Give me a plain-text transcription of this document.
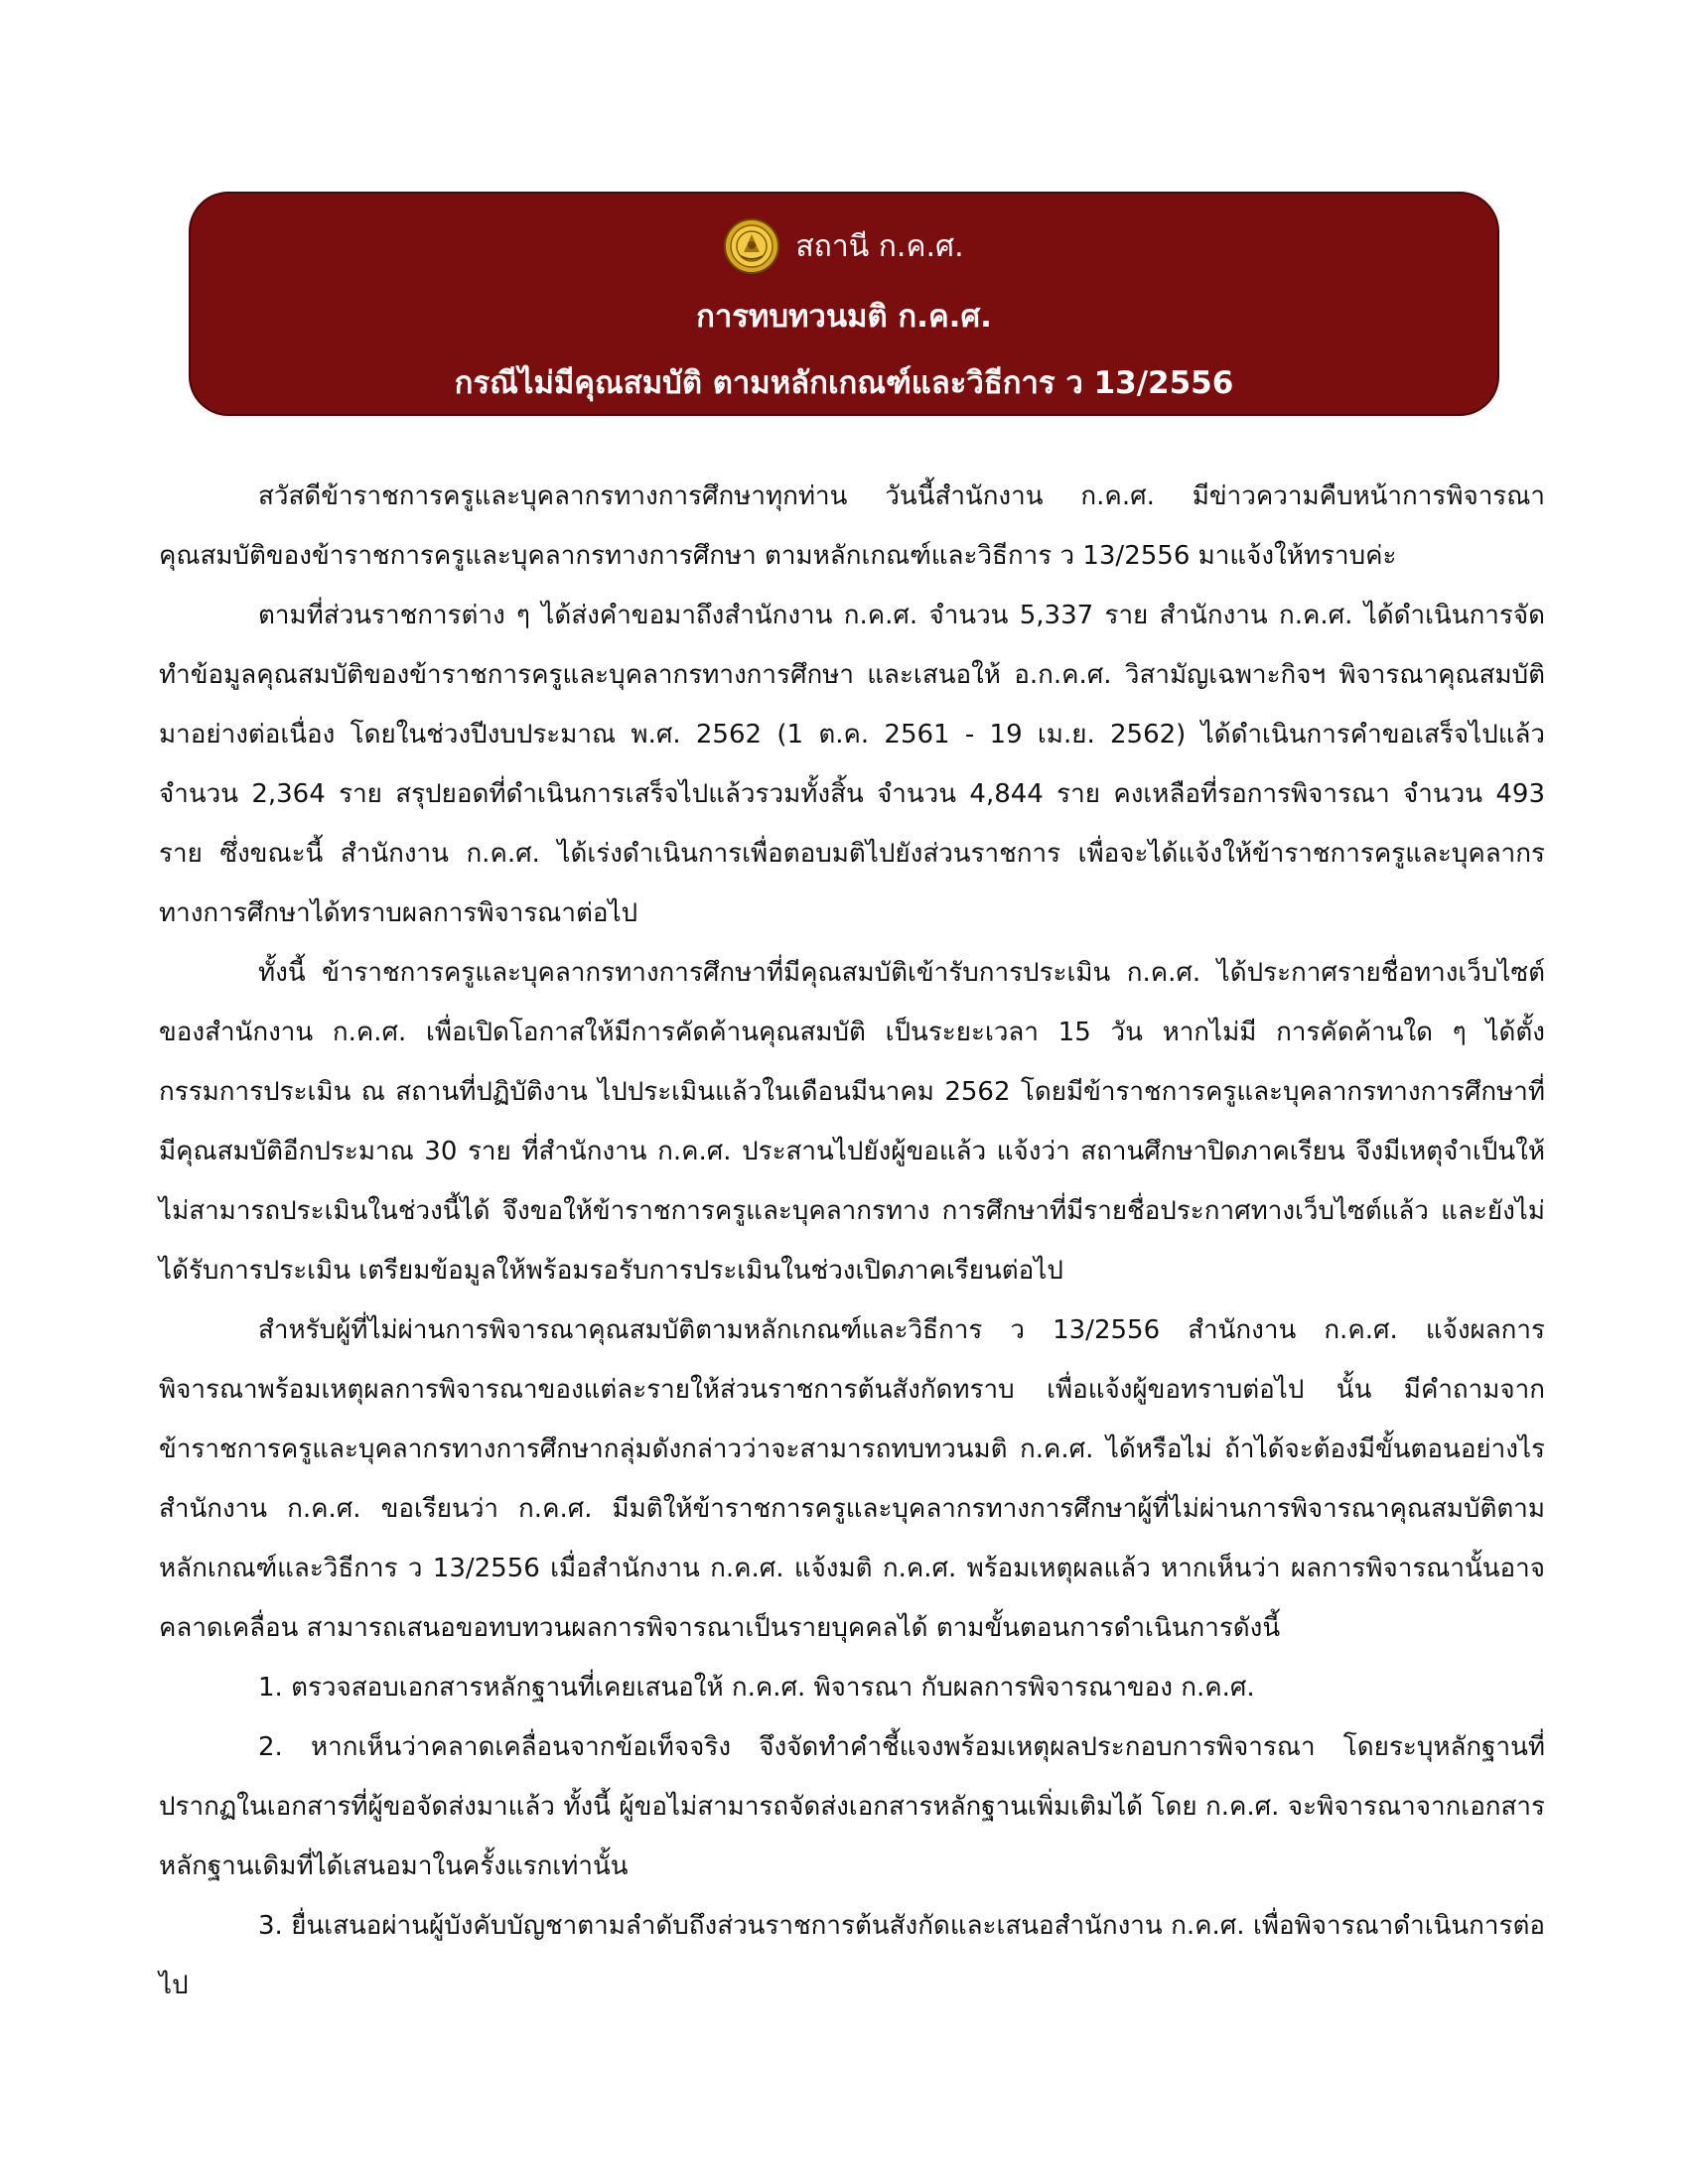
สถานี ก.ค.ศ.
การทบทวนมติ ก.ค.ศ.
กรณีไม่มีคุณสมบัติ ตามหลักเกณฑ์และวิธีการ ว 13/2556

สวัสดีข้าราชการครูและบุคลากรทางการศึกษาทุกท่าน วันนี้สำนักงาน ก.ค.ศ. มีข่าวความคืบหน้าการพิจารณาคุณสมบัติของข้าราชการครูและบุคลากรทางการศึกษา ตามหลักเกณฑ์และวิธีการ ว 13/2556 มาแจ้งให้ทราบค่ะ

ตามที่ส่วนราชการต่าง ๆ ได้ส่งคำขอมาถึงสำนักงาน ก.ค.ศ. จำนวน 5,337 ราย สำนักงาน ก.ค.ศ. ได้ดำเนินการจัดทำข้อมูลคุณสมบัติของข้าราชการครูและบุคลากรทางการศึกษา และเสนอให้ อ.ก.ค.ศ. วิสามัญเฉพาะกิจฯ พิจารณาคุณสมบัติมาอย่างต่อเนื่อง โดยในช่วงปีงบประมาณ พ.ศ. 2562 (1 ต.ค. 2561 - 19 เม.ย. 2562) ได้ดำเนินการคำขอเสร็จไปแล้ว จำนวน 2,364 ราย สรุปยอดที่ดำเนินการเสร็จไปแล้วรวมทั้งสิ้น จำนวน 4,844 ราย คงเหลือที่รอการพิจารณา จำนวน 493 ราย ซึ่งขณะนี้ สำนักงาน ก.ค.ศ. ได้เร่งดำเนินการเพื่อตอบมติไปยังส่วนราชการ เพื่อจะได้แจ้งให้ข้าราชการครูและบุคลากรทางการศึกษาได้ทราบผลการพิจารณาต่อไป

ทั้งนี้ ข้าราชการครูและบุคลากรทางการศึกษาที่มีคุณสมบัติเข้ารับการประเมิน ก.ค.ศ. ได้ประกาศรายชื่อทางเว็บไซต์ของสำนักงาน ก.ค.ศ. เพื่อเปิดโอกาสให้มีการคัดค้านคุณสมบัติ เป็นระยะเวลา 15 วัน หากไม่มี การคัดค้านใด ๆ ได้ตั้งกรรมการประเมิน ณ สถานที่ปฏิบัติงาน ไปประเมินแล้วในเดือนมีนาคม 2562 โดยมีข้าราชการครูและบุคลากรทางการศึกษาที่มีคุณสมบัติอีกประมาณ 30 ราย ที่สำนักงาน ก.ค.ศ. ประสานไปยังผู้ขอแล้ว แจ้งว่า สถานศึกษาปิดภาคเรียน จึงมีเหตุจำเป็นให้ไม่สามารถประเมินในช่วงนี้ได้ จึงขอให้ข้าราชการครูและบุคลากรทาง การศึกษาที่มีรายชื่อประกาศทางเว็บไซต์แล้ว และยังไม่ได้รับการประเมิน เตรียมข้อมูลให้พร้อมรอรับการประเมินในช่วงเปิดภาคเรียนต่อไป

สำหรับผู้ที่ไม่ผ่านการพิจารณาคุณสมบัติตามหลักเกณฑ์และวิธีการ ว 13/2556 สำนักงาน ก.ค.ศ. แจ้งผลการพิจารณาพร้อมเหตุผลการพิจารณาของแต่ละรายให้ส่วนราชการต้นสังกัดทราบ เพื่อแจ้งผู้ขอทราบต่อไป นั้น มีคำถามจากข้าราชการครูและบุคลากรทางการศึกษากลุ่มดังกล่าวว่าจะสามารถทบทวนมติ ก.ค.ศ. ได้หรือไม่ ถ้าได้จะต้องมีขั้นตอนอย่างไร สำนักงาน ก.ค.ศ. ขอเรียนว่า ก.ค.ศ. มีมติให้ข้าราชการครูและบุคลากรทางการศึกษาผู้ที่ไม่ผ่านการพิจารณาคุณสมบัติตามหลักเกณฑ์และวิธีการ ว 13/2556 เมื่อสำนักงาน ก.ค.ศ. แจ้งมติ ก.ค.ศ. พร้อมเหตุผลแล้ว หากเห็นว่า ผลการพิจารณานั้นอาจคลาดเคลื่อน สามารถเสนอขอทบทวนผลการพิจารณาเป็นรายบุคคลได้ ตามขั้นตอนการดำเนินการดังนี้

1. ตรวจสอบเอกสารหลักฐานที่เคยเสนอให้ ก.ค.ศ. พิจารณา กับผลการพิจารณาของ ก.ค.ศ.

2. หากเห็นว่าคลาดเคลื่อนจากข้อเท็จจริง จึงจัดทำคำชี้แจงพร้อมเหตุผลประกอบการพิจารณา โดยระบุหลักฐานที่ปรากฏในเอกสารที่ผู้ขอจัดส่งมาแล้ว ทั้งนี้ ผู้ขอไม่สามารถจัดส่งเอกสารหลักฐานเพิ่มเติมได้ โดย ก.ค.ศ. จะพิจารณาจากเอกสารหลักฐานเดิมที่ได้เสนอมาในครั้งแรกเท่านั้น

3. ยื่นเสนอผ่านผู้บังคับบัญชาตามลำดับถึงส่วนราชการต้นสังกัดและเสนอสำนักงาน ก.ค.ศ. เพื่อพิจารณาดำเนินการต่อไป
